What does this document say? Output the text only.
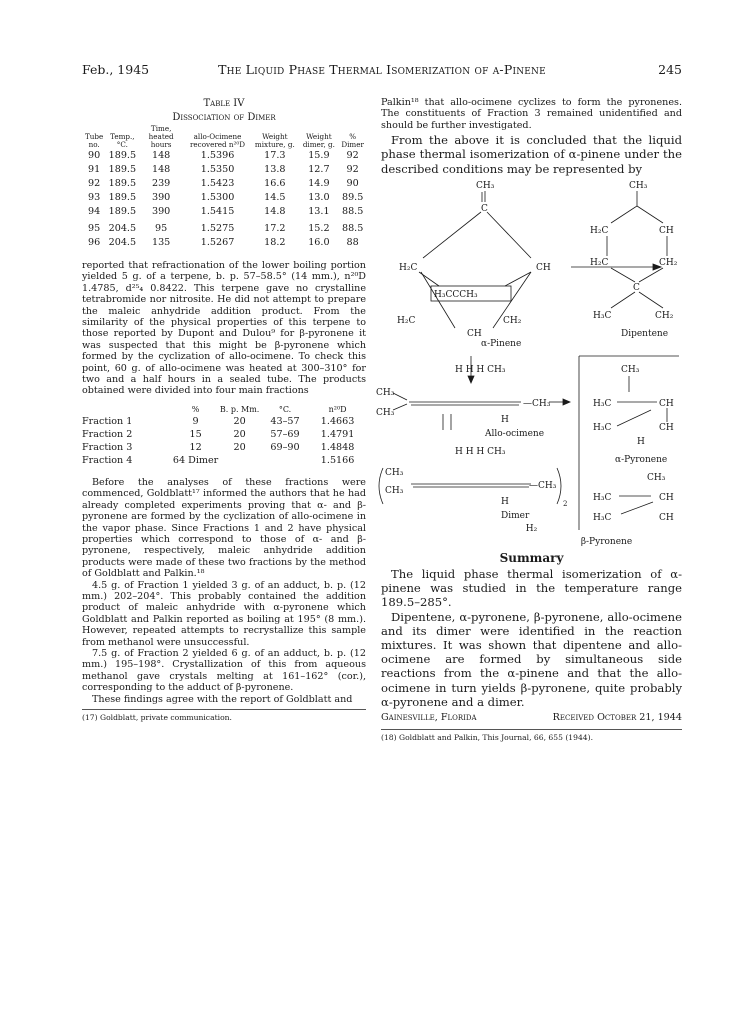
Feb., 1945	The Liquid Phase Thermal Isomerization of α-Pinene	245
Table IV
Dissociation of Dimer
Tube no.	Temp., °C.	Time, heated hours	allo-Ocimene recovered n²⁰D	Weight mixture, g.	Weight dimer, g.	% Dimer
90	189.5	148	1.5396	17.3	15.9	92
91	189.5	148	1.5350	13.8	12.7	92
92	189.5	239	1.5423	16.6	14.9	90
93	189.5	390	1.5300	14.5	13.0	89.5
94	189.5	390	1.5415	14.8	13.1	88.5
95	204.5	95	1.5275	17.2	15.2	88.5
96	204.5	135	1.5267	18.2	16.0	88

reported that refractionation of the lower boiling portion yielded 5 g. of a terpene, b. p. 57–58.5° (14 mm.), n²⁰D 1.4785, d²⁵₄ 0.8422. This terpene gave no crystalline tetrabromide nor nitrosite. He did not attempt to prepare the maleic anhydride addition product. From the similarity of the physical properties of this terpene to those reported by Dupont and Dulou⁹ for β-pyronene it was suspected that this might be β-pyronene which formed by the cyclization of allo-ocimene. To check this point, 60 g. of allo-ocimene was heated at 300–310° for two and a half hours in a sealed tube. The products obtained were divided into four main fractions

	%	B. p. Mm.	°C.	n²⁰D
Fraction 1	9	20	43–57	1.4663
Fraction 2	15	20	57–69	1.4791
Fraction 3	12	20	69–90	1.4848
Fraction 4	64 Dimer			1.5166

Before the analyses of these fractions were commenced, Goldblatt¹⁷ informed the authors that he had already completed experiments proving that α- and β-pyronene are formed by the cyclization of allo-ocimene in the vapor phase. Since Fractions 1 and 2 have physical properties which correspond to those of α- and β-pyronene, respectively, maleic anhydride addition products were made of these two fractions by the method of Goldblatt and Palkin.¹⁸

4.5 g. of Fraction 1 yielded 3 g. of an adduct, b. p. (12 mm.) 202–204°. This probably contained the addition product of maleic anhydride with α-pyronene which Goldblatt and Palkin reported as boiling at 195° (8 mm.). However, repeated attempts to recrystallize this sample from methanol were unsuccessful.

7.5 g. of Fraction 2 yielded 6 g. of an adduct, b. p. (12 mm.) 195–198°. Crystallization of this from aqueous methanol gave crystals melting at 161–162° (cor.), corresponding to the adduct of β-pyronene.

These findings agree with the report of Goldblatt and

(17) Goldblatt, private communication.

Palkin¹⁸ that allo-ocimene cyclizes to form the pyronenes. The constituents of Fraction 3 remained unidentified and should be further investigated.

From the above it is concluded that the liquid phase thermal isomerization of α-pinene under the described conditions may be represented by

CH₃
C
H₂C	CH
H₃CCCH₃
H₂C	CH₂
CH
α-Pinene
CH₃
H₂C	CH
H₂C	CH₂
C
H₃C	CH₂
Dipentene
H H H CH₃
CH₃
CH₃
—CH₃
H
Allo-ocimene
H H H CH₃
CH₃
CH₃	—CH₃
2
H
Dimer
CH₃
H₃C	CH
H₃C	CH
H
α-Pyronene
CH₃
H₃C	CH
H₃C	CH
H₂
β-Pyronene
Summary

The liquid phase thermal isomerization of α-pinene was studied in the temperature range 189.5–285°.

Dipentene, α-pyronene, β-pyronene, allo-ocimene and its dimer were identified in the reaction mixtures. It was shown that dipentene and allo-ocimene are formed by simultaneous side reactions from the α-pinene and that the allo-ocimene in turn yields β-pyronene, quite probably α-pyronene and a dimer.

Gainesville, Florida	Received October 21, 1944
(18) Goldblatt and Palkin, This Journal, 66, 655 (1944).
